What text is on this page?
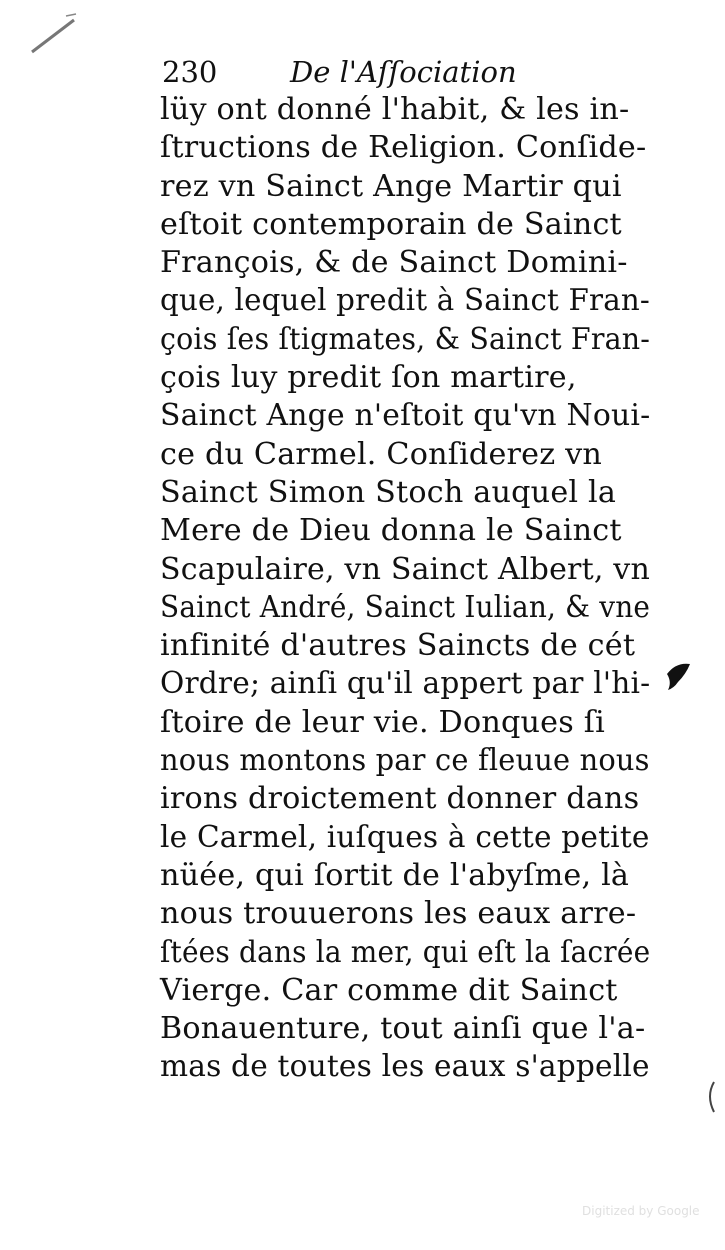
230	De l'Aſſociation
lüy ont donné l'habit, & les in-
ſtructions de Religion. Conſide-
rez vn Sainct Ange Martir qui
eſtoit contemporain de Sainct
François, & de Sainct Domini-
que, lequel predit à Sainct Fran-
çois ſes ſtigmates, & Sainct Fran-
çois luy predit ſon martire,
Sainct Ange n'eſtoit qu'vn Noui-
ce du Carmel. Conſiderez vn
Sainct Simon Stoch auquel la
Mere de Dieu donna le Sainct
Scapulaire, vn Sainct Albert, vn
Sainct André, Sainct Iulian, & vne
infinité d'autres Saincts de cét
Ordre; ainſi qu'il appert par l'hi-
ſtoire de leur vie. Donques ſi
nous montons par ce fleuue nous
irons droictement donner dans
le Carmel, iuſques à cette petite
nüée, qui ſortit de l'abyſme, là
nous trouuerons les eaux arre-
ſtées dans la mer, qui eſt la ſacrée
Vierge. Car comme dit Sainct
Bonauenture, tout ainſi que l'a-
mas de toutes les eaux s'appelle
Digitized by Google
